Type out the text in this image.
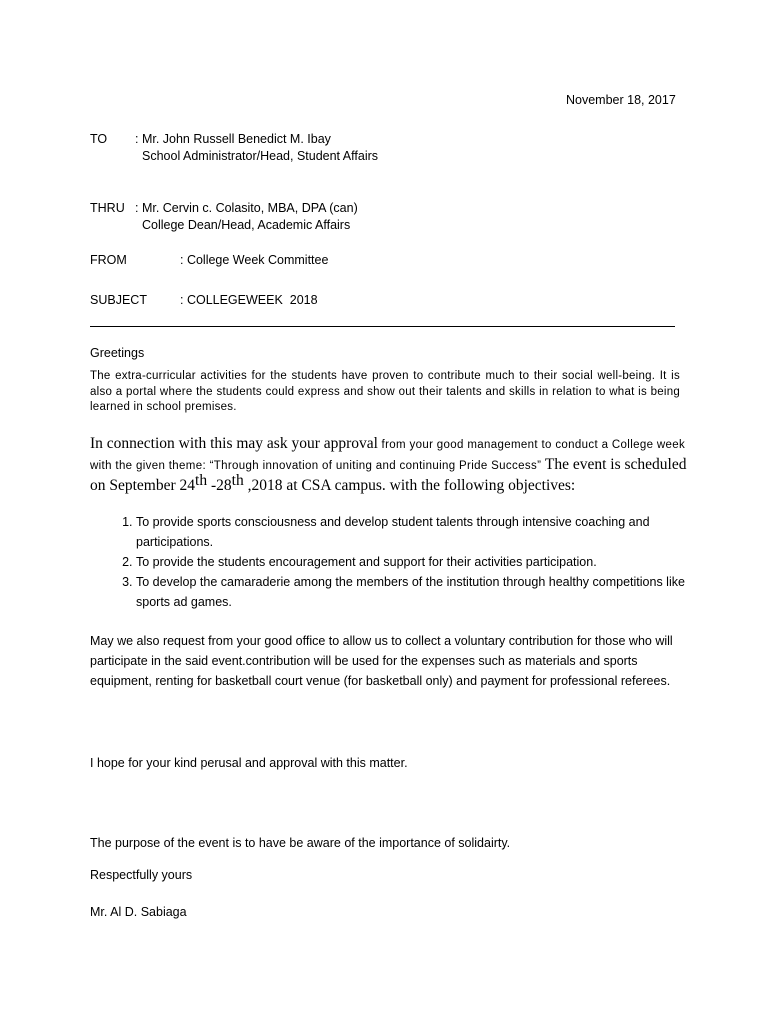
November 18, 2017
TO : Mr. John Russell Benedict M. Ibay
School Administrator/Head, Student Affairs
THRU : Mr. Cervin c. Colasito, MBA, DPA (can)
College Dean/Head, Academic Affairs
FROM	: College Week Committee
SUBJECT	: COLLEGEWEEK  2018
Greetings
The extra-curricular activities for the students have proven to contribute much to their social well-being. It is also a portal where the students could express and show out their talents and skills in relation to what is being learned in school premises.
In connection with this may ask your approval from your good management to conduct a College week with the given theme: “Through innovation of uniting and continuing Pride Success” The event is scheduled on September 24th -28th ,2018 at CSA campus. with the following objectives:
1. To provide sports consciousness and develop student talents through intensive coaching and participations.
2. To provide the students encouragement and support for their activities participation.
3. To develop the camaraderie among the members of the institution through healthy competitions like sports ad games.
May we also request from your good office to allow us to collect a voluntary contribution for those who will participate in the said event.contribution will be used for the expenses such as materials and sports equipment, renting for basketball court venue (for basketball only) and payment for professional referees.
I hope for your kind perusal and approval with this matter.
The purpose of the event is to have be aware of the importance of solidairty.
Respectfully yours
Mr. Al D. Sabiaga
